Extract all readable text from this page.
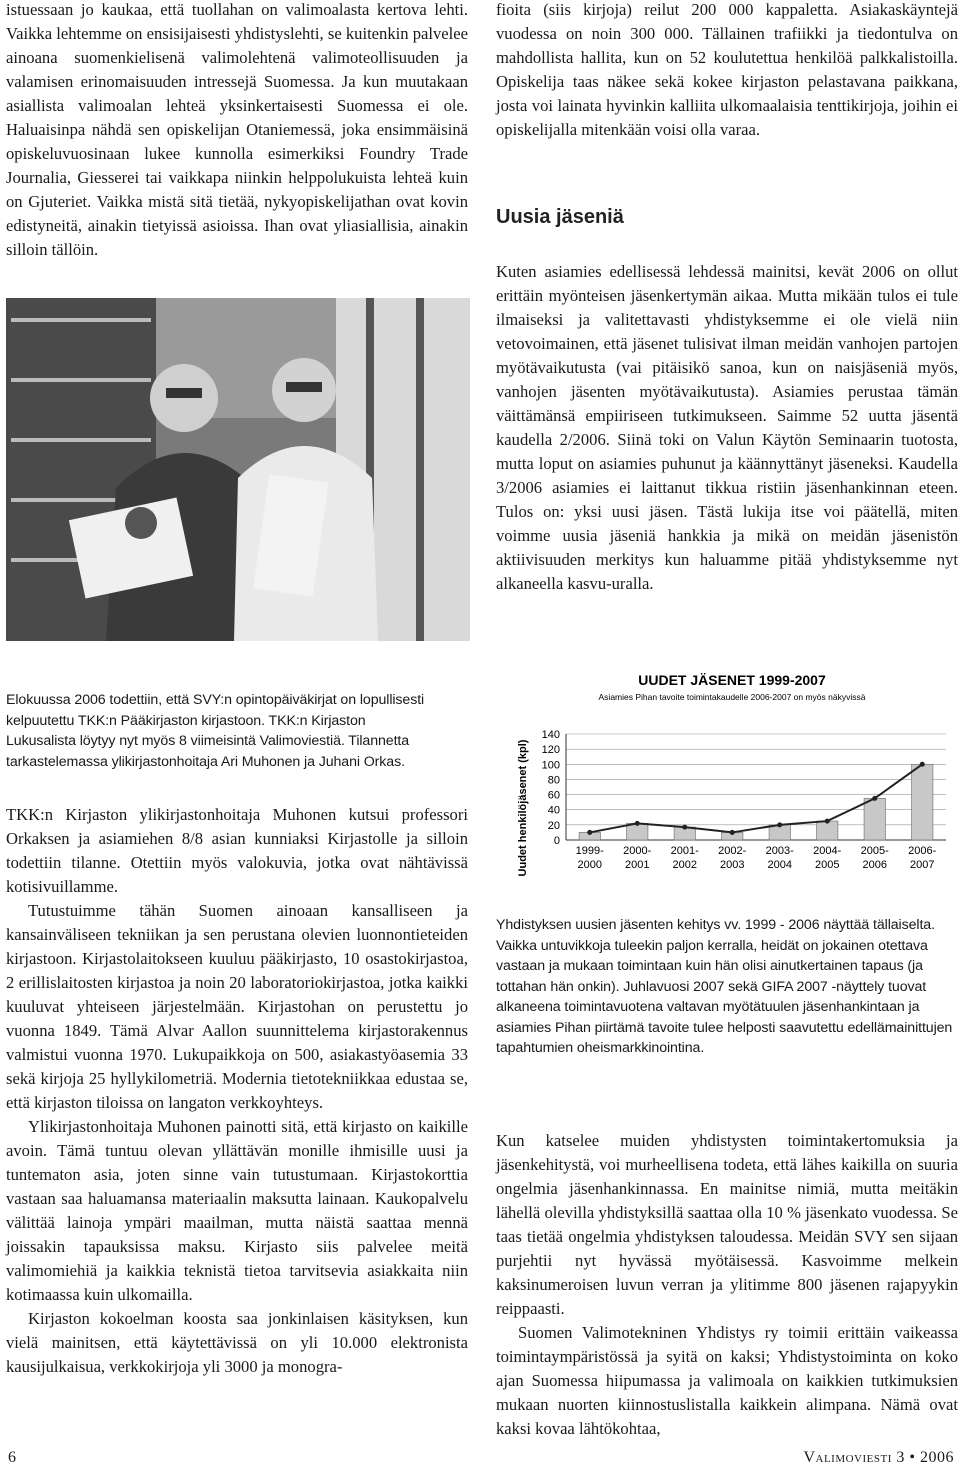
istuessaan jo kaukaa, että tuollahan on valimoalasta kertova lehti. Vaikka lehtemme on ensisijaisesti yhdistyslehti, se kuitenkin palvelee ainoana suomenkielisenä valimolehtenä valimoteollisuuden ja valamisen erinomaisuuden intressejä Suomessa. Ja kun muutakaan asiallista valimoalan lehteä yksinkertaisesti Suomessa ei ole. Haluaisinpa nähdä sen opiskelijan Otaniemessä, joka ensimmäisinä opiskeluvuosinaan lukee kunnolla esimerkiksi Foundry Trade Journalia, Giesserei tai vaikkapa niinkin helppolukuista lehteä kuin on Gjuteriet. Vaikka mistä sitä tietää, nykyopiskelijathan ovat kovin edistyneitä, ainakin tietyissä asioissa. Ihan ovat yliasiallisia, ainakin silloin tällöin.

Elokuussa 2006 todettiin, että SVY:n opintopäiväkirjat on lopullisesti kelpuutettu TKK:n Pääkirjaston kirjastoon. TKK:n Kirjaston Lukusalista löytyy nyt myös 8 viimeisintä Valimoviestiä. Tilannetta tarkastelemassa ylikirjastonhoitaja Ari Muhonen ja Juhani Orkas.

TKK:n Kirjaston ylikirjastonhoitaja Muhonen kutsui professori Orkaksen ja asiamiehen 8/8 asian kunniaksi Kirjastolle ja silloin todettiin tilanne. Otettiin myös valokuvia, jotka ovat nähtävissä kotisivuillamme.

Tutustuimme tähän Suomen ainoaan kansalliseen ja kansainväliseen tekniikan ja sen perustana olevien luonnontieteiden kirjastoon. Kirjastolaitokseen kuuluu pääkirjasto, 10 osastokirjastoa, 2 erillislaitosten kirjastoa ja noin 20 laboratoriokirjastoa, jotka kaikki kuuluvat yhteiseen järjestelmään. Kirjastohan on perustettu jo vuonna 1849. Tämä Alvar Aallon suunnittelema kirjastorakennus valmistui vuonna 1970. Lukupaikkoja on 500, asiakastyöasemia 33 sekä kirjoja 25 hyllykilometriä. Modernia tietotekniikkaa edustaa se, että kirjaston tiloissa on langaton verkkoyhteys.

Ylikirjastonhoitaja Muhonen painotti sitä, että kirjasto on kaikille avoin. Tämä tuntuu olevan yllättävän monille ihmisille uusi ja tuntematon asia, joten sinne vain tutustumaan. Kirjastokorttia vastaan saa haluamansa materiaalin maksutta lainaan. Kaukopalvelu välittää lainoja ympäri maailman, mutta näistä saattaa mennä joissakin tapauksissa maksu. Kirjasto siis palvelee meitä valimomiehiä ja kaikkia teknistä tietoa tarvitsevia asiakkaita niin kotimaassa kuin ulkomailla.

Kirjaston kokoelman koosta saa jonkinlaisen käsityksen, kun vielä mainitsen, että käytettävissä on yli 10.000 elektronista kausijulkaisua, verkkokirjoja yli 3000 ja monogra-

fioita (siis kirjoja) reilut 200 000 kappaletta. Asiakaskäyntejä vuodessa on noin 300 000. Tällainen trafiikki ja tiedontulva on mahdollista hallita, kun on 52 koulutettua henkilöä palkkalistoilla. Opiskelija taas näkee sekä kokee kirjaston pelastavana paikkana, josta voi lainata hyvinkin kalliita ulkomaalaisia tenttikirjoja, joihin ei opiskelijalla mitenkään voisi olla varaa.

Uusia jäseniä

Kuten asiamies edellisessä lehdessä mainitsi, kevät 2006 on ollut erittäin myönteisen jäsenkertymän aikaa. Mutta mikään tulos ei tule ilmaiseksi ja valitettavasti yhdistyksemme ei ole vielä niin vetovoimainen, että jäsenet tulisivat ilman meidän vanhojen partojen myötävaikutusta (vai pitäisikö sanoa, kun on naisjäseniä myös, vanhojen jäsenten myötävaikutusta). Asiamies perustaa tämän väittämänsä empiiriseen tutkimukseen. Saimme 52 uutta jäsentä kaudella 2/2006. Siinä toki on Valun Käytön Seminaarin tuotosta, mutta loput on asiamies puhunut ja käännyttänyt jäseneksi. Kaudella 3/2006 asiamies ei laittanut tikkua ristiin jäsenhankinnan eteen. Tulos on: yksi uusi jäsen. Tästä lukija itse voi päätellä, miten voimme uusia jäseniä hankkia ja mikä on meidän jäsenistön aktiivisuuden merkitys kun haluamme pitää yhdistyksemme nyt alkaneella kasvu-uralla.

UUDET JÄSENET 1999-2007
Asiamies Pihan tavoite toimintakaudelle 2006-2007 on myös näkyvissä
Uudet henkilöjäsenet (kpl) 0
20
40
60
80
100
120
140
1999-
2000
2000-
2001
2001-
2002
2002-
2003
2003-
2004
2004-
2005
2005-
2006
2006-
2007

Yhdistyksen uusien jäsenten kehitys vv. 1999 - 2006 näyttää tällaiselta. Vaikka untuvikkoja tuleekin paljon kerralla, heidät on jokainen otettava vastaan ja mukaan toimintaan kuin hän olisi ainutkertainen tapaus (ja tottahan hän onkin). Juhlavuosi 2007 sekä GIFA 2007 -näyttely tuovat alkaneena toimintavuotena valtavan myötätuulen jäsenhankintaan ja asiamies Pihan piirtämä tavoite tulee helposti saavutettu edellämainittujen tapahtumien oheismarkkinointina.

Kun katselee muiden yhdistysten toimintakertomuksia ja jäsenkehitystä, voi murheellisena todeta, että lähes kaikilla on suuria ongelmia jäsenhankinnassa. En mainitse nimiä, mutta meitäkin lähellä olevilla yhdistyksillä saattaa olla 10 % jäsenkato vuodessa. Se taas tietää ongelmia yhdistyksen taloudessa. Meidän SVY sen sijaan purjehtii nyt hyvässä myötäisessä. Kasvoimme melkein kaksinumeroisen luvun verran ja ylitimme 800 jäsenen rajapyykin reippaasti.

Suomen Valimotekninen Yhdistys ry toimii erittäin vaikeassa toimintaympäristössä ja syitä on kaksi; Yhdistystoiminta on koko ajan Suomessa hiipumassa ja valimoala on kaikkien tutkimuksien mukaan nuorten kiinnostuslistalla kaikkein alimpana. Nämä ovat kaksi kovaa lähtökohtaa,

6	Valimoviesti 3 • 2006
